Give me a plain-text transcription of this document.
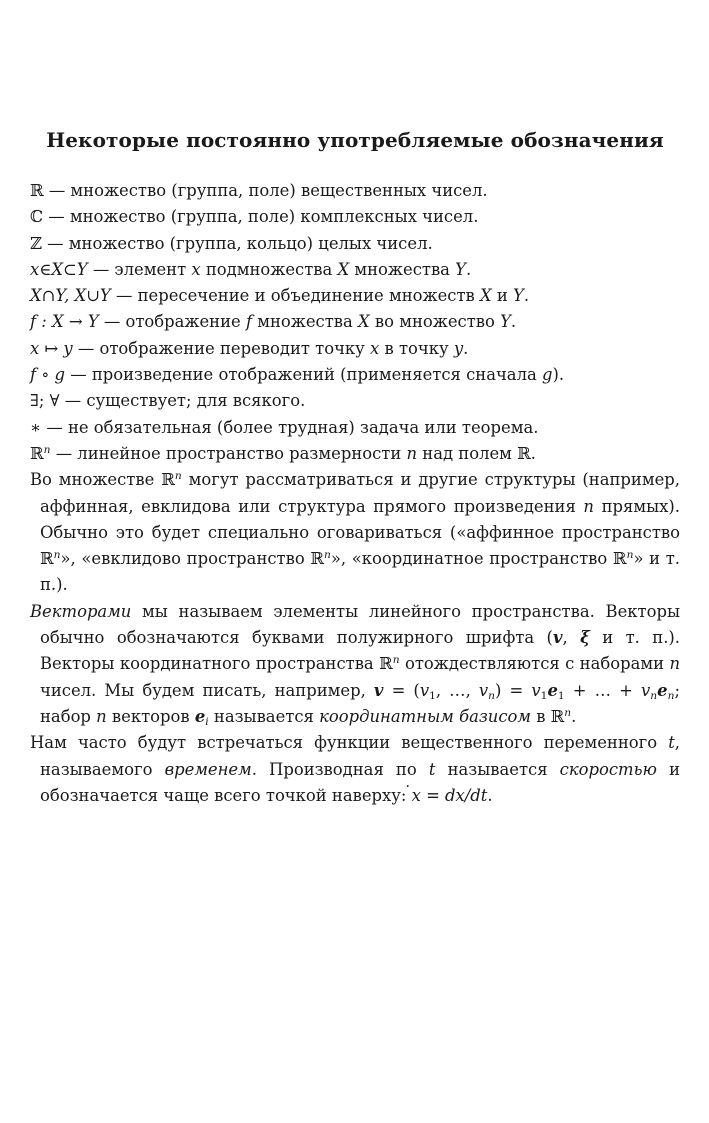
Некоторые постоянно употребляемые обозначения
ℝ — множество (группа, поле) вещественных чисел.
ℂ — множество (группа, поле) комплексных чисел.
ℤ — множество (группа, кольцо) целых чисел.
x∈X⊂Y — элемент x подмножества X множества Y.
X∩Y, X∪Y — пересечение и объединение множеств X и Y.
f : X → Y — отображение f множества X во множество Y.
x ↦ y — отображение переводит точку x в точку y.
f ∘ g — произведение отображений (применяется сначала g).
∃; ∀ — существует; для всякого.
∗ — не обязательная (более трудная) задача или теорема.
ℝ$^n$ — линейное пространство размерности n над полем ℝ.
Во множестве ℝ$^n$ могут рассматриваться и другие структуры (например, аффинная, евклидова или структура прямого произведения n прямых). Обычно это будет специально оговариваться («аффинное пространство ℝ$^n$», «евклидово пространство ℝ$^n$», «координатное пространство ℝ$^n$» и т. п.).
Векторами мы называем элементы линейного пространства. Векторы обычно обозначаются буквами полужирного шрифта (v, ξ и т. п.). Векторы координатного пространства ℝ$^n$ отождествляются с наборами n чисел. Мы будем писать, например, $v = (v_1$, …, $v_n) = v_1e_1$ + … + $v_ne_n$; набор n векторов $e_i$ называется координатным базисом в ℝ$^n$.
Нам часто будут встречаться функции вещественного переменного t, называемого временем. Производная по t называется скоростью и обозначается чаще всего точкой наверху: x ˙ = dx/dt.
